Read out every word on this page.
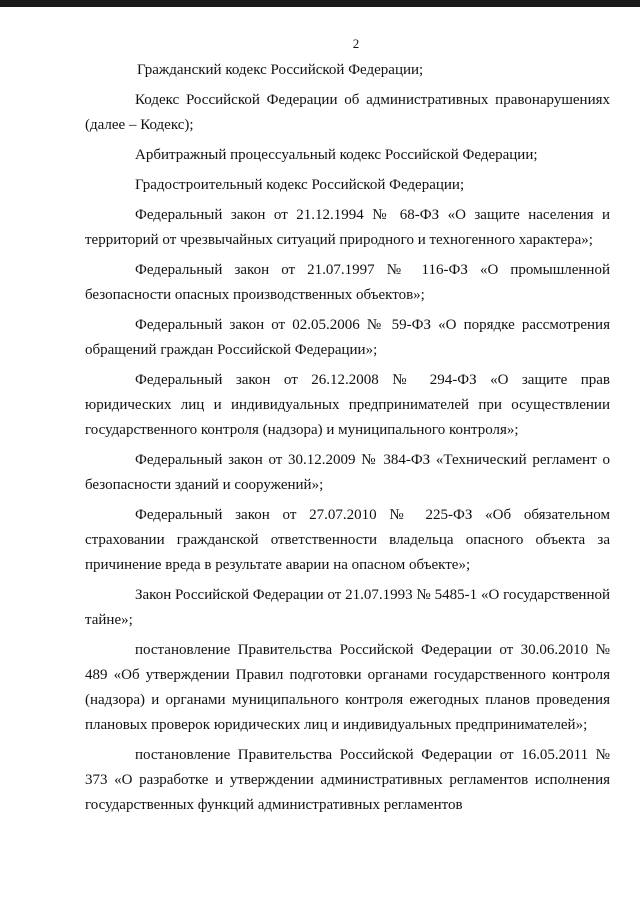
2

Гражданский кодекс Российской Федерации;

Кодекс Российской Федерации об административных правонарушениях (далее – Кодекс);

Арбитражный процессуальный кодекс Российской Федерации;

Градостроительный кодекс Российской Федерации;

Федеральный закон от 21.12.1994 № 68-ФЗ «О защите населения и территорий от чрезвычайных ситуаций природного и техногенного характера»;

Федеральный закон от 21.07.1997 № 116-ФЗ «О промышленной безопасности опасных производственных объектов»;

Федеральный закон от 02.05.2006 № 59-ФЗ «О порядке рассмотрения обращений граждан Российской Федерации»;

Федеральный закон от 26.12.2008 № 294-ФЗ «О защите прав юридических лиц и индивидуальных предпринимателей при осуществлении государственного контроля (надзора) и муниципального контроля»;

Федеральный закон от 30.12.2009 № 384-ФЗ «Технический регламент о безопасности зданий и сооружений»;

Федеральный закон от 27.07.2010 № 225-ФЗ «Об обязательном страховании гражданской ответственности владельца опасного объекта за причинение вреда в результате аварии на опасном объекте»;

Закон Российской Федерации от 21.07.1993 № 5485-1 «О государственной тайне»;

постановление Правительства Российской Федерации от 30.06.2010 № 489 «Об утверждении Правил подготовки органами государственного контроля (надзора) и органами муниципального контроля ежегодных планов проведения плановых проверок юридических лиц и индивидуальных предпринимателей»;

постановление Правительства Российской Федерации от 16.05.2011 № 373 «О разработке и утверждении административных регламентов исполнения государственных функций административных регламентов
